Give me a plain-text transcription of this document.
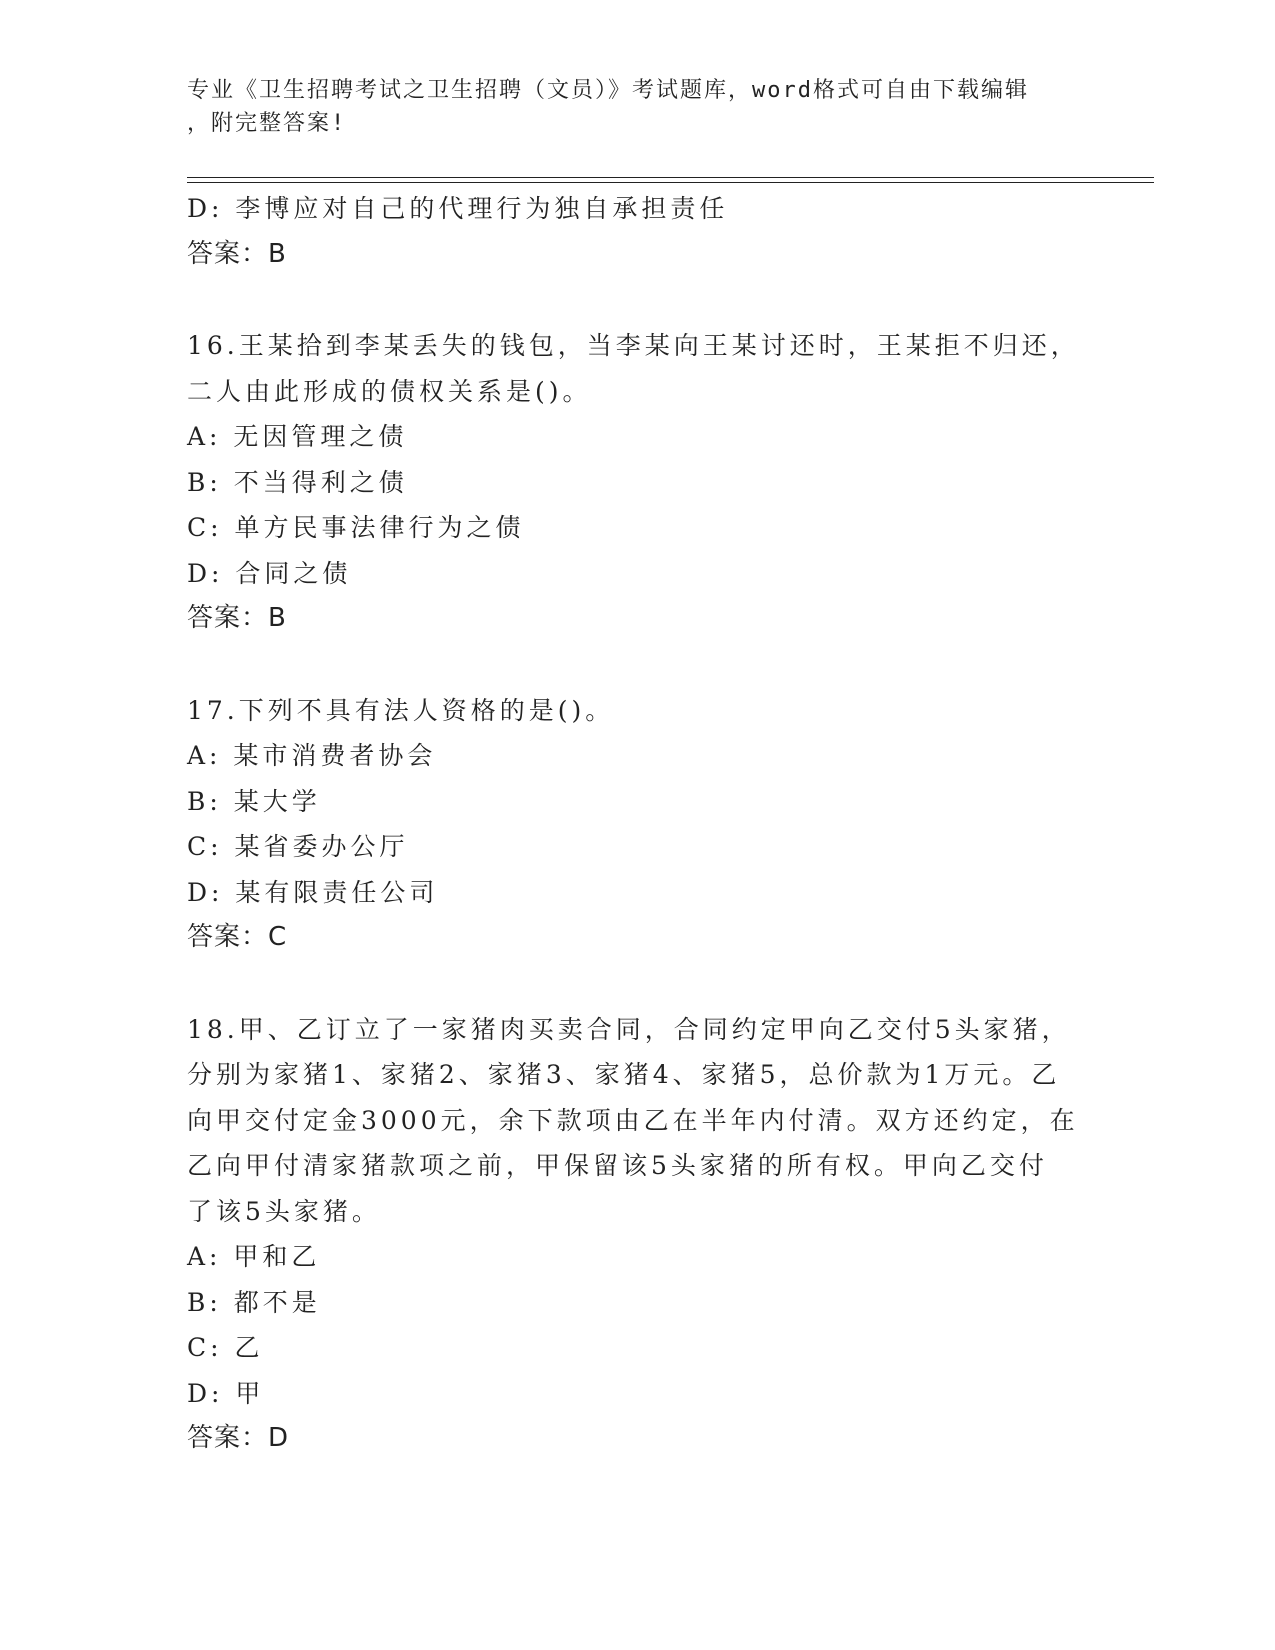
专业《卫生招聘考试之卫生招聘（文员）》考试题库，word格式可自由下载编辑
，附完整答案!
D: 李博应对自己的代理行为独自承担责任
答案：B
16.王某拾到李某丢失的钱包，当李某向王某讨还时，王某拒不归还，
二人由此形成的债权关系是()。
A: 无因管理之债
B: 不当得利之债
C: 单方民事法律行为之债
D: 合同之债
答案：B
17.下列不具有法人资格的是()。
A: 某市消费者协会
B: 某大学
C: 某省委办公厅
D: 某有限责任公司
答案：C
18.甲、乙订立了一家猪肉买卖合同，合同约定甲向乙交付5头家猪，
分别为家猪1、家猪2、家猪3、家猪4、家猪5，总价款为1万元。乙
向甲交付定金3000元，余下款项由乙在半年内付清。双方还约定，在
乙向甲付清家猪款项之前，甲保留该5头家猪的所有权。甲向乙交付
了该5头家猪。
A: 甲和乙
B: 都不是
C: 乙
D: 甲
答案：D
